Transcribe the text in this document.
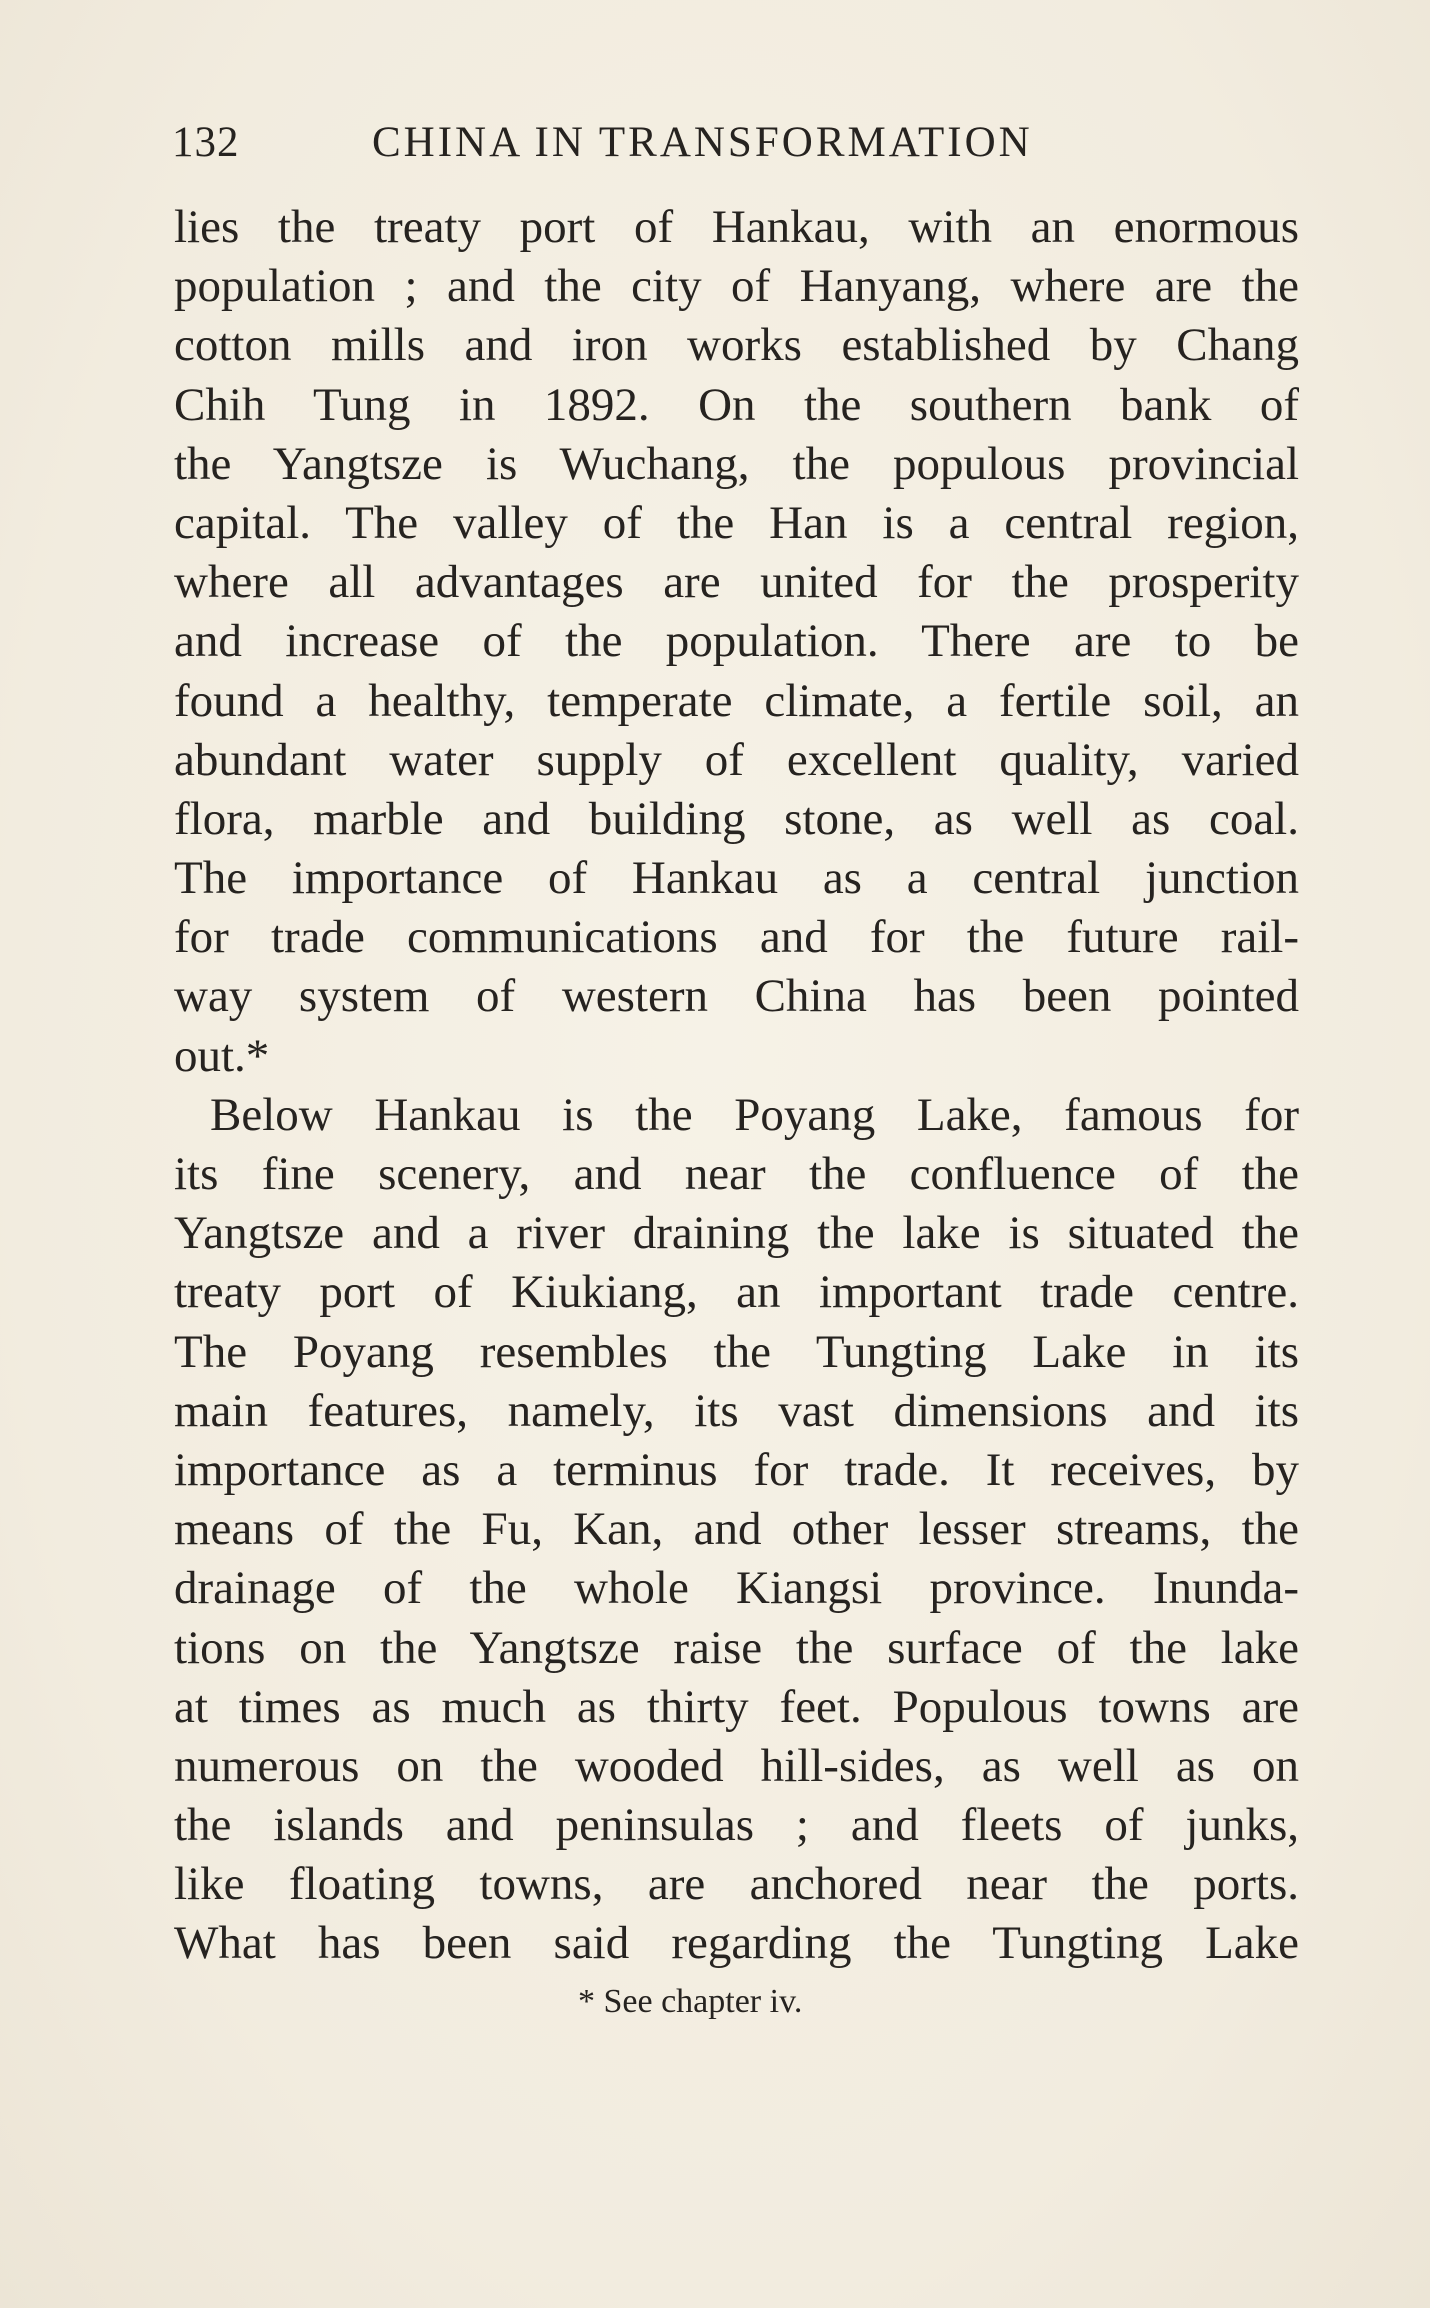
132	CHINA IN TRANSFORMATION
lies the treaty port of Hankau, with an enormous
population ; and the city of Hanyang, where are the
cotton mills and iron works established by Chang
Chih Tung in 1892. On the southern bank of
the Yangtsze is Wuchang, the populous provincial
capital. The valley of the Han is a central region,
where all advantages are united for the prosperity
and increase of the population. There are to be
found a healthy, temperate climate, a fertile soil, an
abundant water supply of excellent quality, varied
flora, marble and building stone, as well as coal.
The importance of Hankau as a central junction
for trade communications and for the future rail-
way system of western China has been pointed
out.*
Below Hankau is the Poyang Lake, famous for
its fine scenery, and near the confluence of the
Yangtsze and a river draining the lake is situated the
treaty port of Kiukiang, an important trade centre.
The Poyang resembles the Tungting Lake in its
main features, namely, its vast dimensions and its
importance as a terminus for trade. It receives, by
means of the Fu, Kan, and other lesser streams, the
drainage of the whole Kiangsi province. Inunda-
tions on the Yangtsze raise the surface of the lake
at times as much as thirty feet. Populous towns are
numerous on the wooded hill-sides, as well as on
the islands and peninsulas ; and fleets of junks,
like floating towns, are anchored near the ports.
What has been said regarding the Tungting Lake
* See chapter iv.
